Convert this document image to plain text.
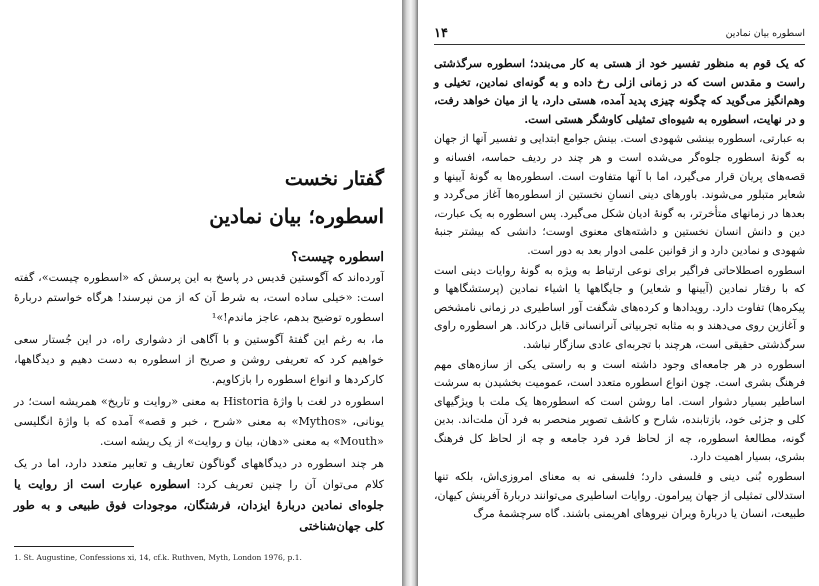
گفتار نخست
اسطوره؛ بیان نمادین
اسطوره چیست؟

آورده‌اند که آگوستین قدیس در پاسخ به این پرسش که «اسطوره چیست»، گفته است: «خیلی ساده است، به شرط آن که از من نپرسند! هرگاه خواستم دربارهٔ اسطوره توضیح بدهم، عاجز ماندم!»¹

ما، به رغم این گفتهٔ آگوستین و با آگاهی از دشواری راه، در این جُستار سعی خواهیم کرد که تعریفی روشن و صریح از اسطوره به دست دهیم و دیدگاهها، کارکردها و انواع اسطوره را بازکاویم.

اسطوره در لغت با واژهٔ Historia به معنی «روایت و تاریخ» همریشه است؛ در یونانی، «Mythos» به معنی «شرح ، خبر و قصه» آمده که با واژهٔ انگلیسی «Mouth» به معنی «دهان، بیان و روایت» از یک ریشه است.

هر چند اسطوره در دیدگاههای گوناگون تعاریف و تعابیر متعدد دارد، اما در یک کلام می‌توان آن را چنین تعریف کرد: اسطوره عبارت است از روایت یا جلوه‌ای نمادین دربارهٔ ایزدان، فرشتگان، موجودات فوق طبیعی و به طور کلی جهان‌شناختی

1. St. Augustine, Confessions xi, 14, cf.k. Ruthven, Myth, London 1976, p.1.
۱۴	اسطوره بیان نمادین

که یک قوم به منظور تفسیر خود از هستی به کار می‌بندد؛ اسطوره سرگذشتی راست و مقدس است که در زمانی ازلی رخ داده و به گونه‌ای نمادین، تخیلی و وهم‌انگیز می‌گوید که چگونه چیزی پدید آمده، هستی دارد، یا از میان خواهد رفت، و در نهایت، اسطوره به شیوه‌ای تمثیلی کاوشگر هستی است.

به عبارتی، اسطوره بینشی شهودی است. بینش جوامع ابتدایی و تفسیر آنها از جهان به گونهٔ اسطوره جلوه‌گر می‌شده است و هر چند در ردیف حماسه، افسانه و قصه‌های پریان قرار می‌گیرد، اما با آنها متفاوت است. اسطوره‌ها به گونهٔ آیینها و شعایر متبلور می‌شوند. باورهای دینی انسانِ نخستین از اسطوره‌ها آغاز می‌گردد و بعدها در زمانهای متأخرتر، به گونهٔ ادیان شکل می‌گیرد. پس اسطوره به یک عبارت، دین و دانش انسان نخستین و داشته‌های معنوی اوست؛ دانشی که بیشتر جنبهٔ شهودی و نمادین دارد و از قوانین علمی ادوار بعد به دور است.

اسطوره اصطلاحاتی فراگیر برای نوعی ارتباط به ویژه به گونهٔ روایات دینی است که با رفتار نمادین (آیینها و شعایر) و جایگاهها یا اشیاء نمادین (پرستشگاهها و پیکره‌ها) تفاوت دارد. رویدادها و کرده‌های شگفت آور اساطیری در زمانی نامشخص و آغازین روی می‌دهند و به مثابه تجربیاتی آنرانسانی قابل درکاند. هر اسطوره راوی سرگذشتی حقیقی است، هرچند با تجربه‌ای عادی سازگار نباشد.

اسطوره در هر جامعه‌ای وجود داشته است و به راستی یکی از سازه‌های مهم فرهنگ بشری است. چون انواع اسطوره متعدد است، عمومیت بخشیدن به سرشت اساطیر بسیار دشوار است. اما روشن است که اسطوره‌ها یک ملت با ویژگیهای کلی و جزئی خود، بازتابنده، شارح و کاشف تصویر منحصر به فرد آن ملت‌اند. بدین گونه، مطالعهٔ اسطوره، چه از لحاظ فرد فرد جامعه و چه از لحاظ کل فرهنگ بشری، بسیار اهمیت دارد.

اسطوره بُنی دینی و فلسفی دارد؛ فلسفی نه به معنای امروزی‌اش، بلکه تنها استدلالی تمثیلی از جهان پیرامون. روایات اساطیری می‌توانند دربارهٔ آفرینش کیهان، طبیعت، انسان یا دربارهٔ ویران نیروهای اهریمنی باشند. گاه سرچشمهٔ مرگ
